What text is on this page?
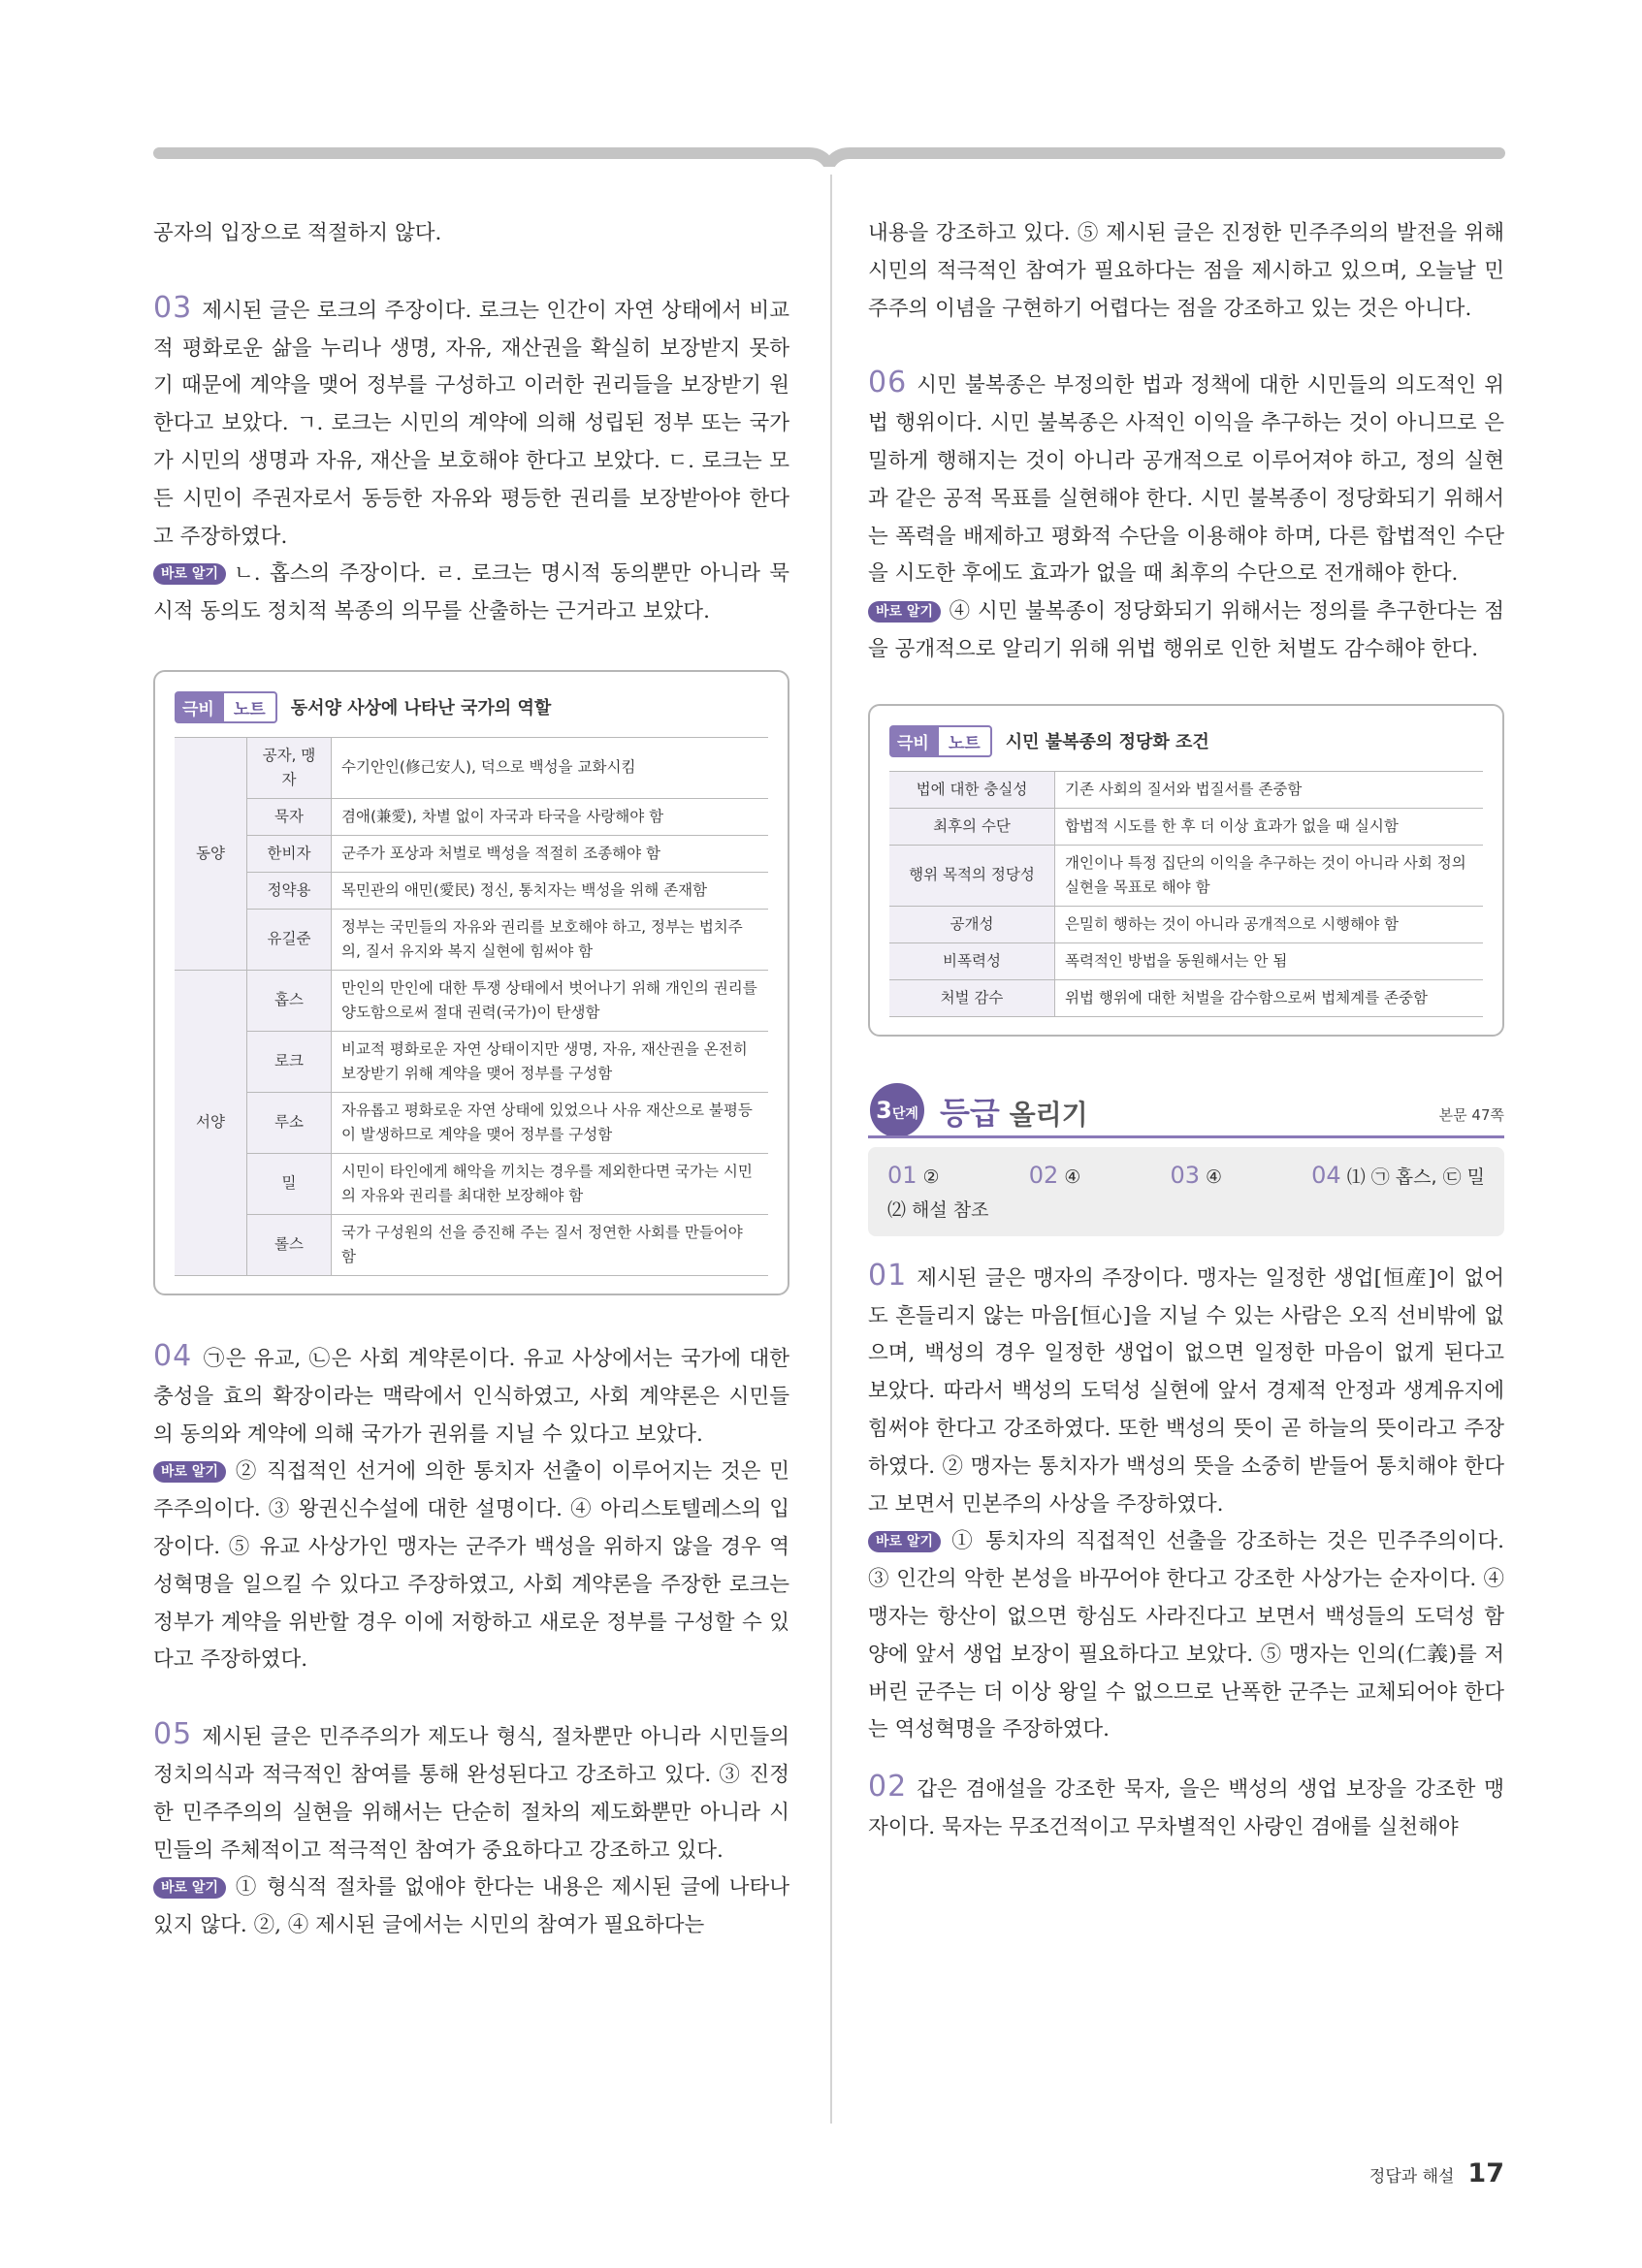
공자의 입장으로 적절하지 않다.

03 제시된 글은 로크의 주장이다. 로크는 인간이 자연 상태에서 비교적 평화로운 삶을 누리나 생명, 자유, 재산권을 확실히 보장받지 못하기 때문에 계약을 맺어 정부를 구성하고 이러한 권리들을 보장받기 원한다고 보았다. ㄱ. 로크는 시민의 계약에 의해 성립된 정부 또는 국가가 시민의 생명과 자유, 재산을 보호해야 한다고 보았다. ㄷ. 로크는 모든 시민이 주권자로서 동등한 자유와 평등한 권리를 보장받아야 한다고 주장하였다.
바로 알기 ㄴ. 홉스의 주장이다. ㄹ. 로크는 명시적 동의뿐만 아니라 묵시적 동의도 정치적 복종의 의무를 산출하는 근거라고 보았다.

극비	노트	동서양 사상에 나타난 국가의 역할
동양	공자, 맹자	수기안인(修己安人), 덕으로 백성을 교화시킴
	묵자	겸애(兼愛), 차별 없이 자국과 타국을 사랑해야 함
	한비자	군주가 포상과 처벌로 백성을 적절히 조종해야 함
	정약용	목민관의 애민(愛民) 정신, 통치자는 백성을 위해 존재함
	유길준	정부는 국민들의 자유와 권리를 보호해야 하고, 정부는 법치주의, 질서 유지와 복지 실현에 힘써야 함
서양	홉스	만인의 만인에 대한 투쟁 상태에서 벗어나기 위해 개인의 권리를 양도함으로써 절대 권력(국가)이 탄생함
	로크	비교적 평화로운 자연 상태이지만 생명, 자유, 재산권을 온전히 보장받기 위해 계약을 맺어 정부를 구성함
	루소	자유롭고 평화로운 자연 상태에 있었으나 사유 재산으로 불평등이 발생하므로 계약을 맺어 정부를 구성함
	밀	시민이 타인에게 해악을 끼치는 경우를 제외한다면 국가는 시민의 자유와 권리를 최대한 보장해야 함
	롤스	국가 구성원의 선을 증진해 주는 질서 정연한 사회를 만들어야 함

04 ㉠은 유교, ㉡은 사회 계약론이다. 유교 사상에서는 국가에 대한 충성을 효의 확장이라는 맥락에서 인식하였고, 사회 계약론은 시민들의 동의와 계약에 의해 국가가 권위를 지닐 수 있다고 보았다.
바로 알기 ② 직접적인 선거에 의한 통치자 선출이 이루어지는 것은 민주주의이다. ③ 왕권신수설에 대한 설명이다. ④ 아리스토텔레스의 입장이다. ⑤ 유교 사상가인 맹자는 군주가 백성을 위하지 않을 경우 역성혁명을 일으킬 수 있다고 주장하였고, 사회 계약론을 주장한 로크는 정부가 계약을 위반할 경우 이에 저항하고 새로운 정부를 구성할 수 있다고 주장하였다.

05 제시된 글은 민주주의가 제도나 형식, 절차뿐만 아니라 시민들의 정치의식과 적극적인 참여를 통해 완성된다고 강조하고 있다. ③ 진정한 민주주의의 실현을 위해서는 단순히 절차의 제도화뿐만 아니라 시민들의 주체적이고 적극적인 참여가 중요하다고 강조하고 있다.
바로 알기 ① 형식적 절차를 없애야 한다는 내용은 제시된 글에 나타나 있지 않다. ②, ④ 제시된 글에서는 시민의 참여가 필요하다는

내용을 강조하고 있다. ⑤ 제시된 글은 진정한 민주주의의 발전을 위해 시민의 적극적인 참여가 필요하다는 점을 제시하고 있으며, 오늘날 민주주의 이념을 구현하기 어렵다는 점을 강조하고 있는 것은 아니다.

06 시민 불복종은 부정의한 법과 정책에 대한 시민들의 의도적인 위법 행위이다. 시민 불복종은 사적인 이익을 추구하는 것이 아니므로 은밀하게 행해지는 것이 아니라 공개적으로 이루어져야 하고, 정의 실현과 같은 공적 목표를 실현해야 한다. 시민 불복종이 정당화되기 위해서는 폭력을 배제하고 평화적 수단을 이용해야 하며, 다른 합법적인 수단을 시도한 후에도 효과가 없을 때 최후의 수단으로 전개해야 한다.
바로 알기 ④ 시민 불복종이 정당화되기 위해서는 정의를 추구한다는 점을 공개적으로 알리기 위해 위법 행위로 인한 처벌도 감수해야 한다.

극비	노트	시민 불복종의 정당화 조건
법에 대한 충실성	기존 사회의 질서와 법질서를 존중함
최후의 수단	합법적 시도를 한 후 더 이상 효과가 없을 때 실시함
행위 목적의 정당성	개인이나 특정 집단의 이익을 추구하는 것이 아니라 사회 정의 실현을 목표로 해야 함
공개성	은밀히 행하는 것이 아니라 공개적으로 시행해야 함
비폭력성	폭력적인 방법을 동원해서는 안 됨
처벌 감수	위법 행위에 대한 처벌을 감수함으로써 법체계를 존중함
3단계 등급 올리기	본문 47쪽
01 ②	02 ④	03 ④	04 ⑴ ㉠ 홉스, ㉢ 밀
⑵ 해설 참조

01 제시된 글은 맹자의 주장이다. 맹자는 일정한 생업[恒産]이 없어도 흔들리지 않는 마음[恒心]을 지닐 수 있는 사람은 오직 선비밖에 없으며, 백성의 경우 일정한 생업이 없으면 일정한 마음이 없게 된다고 보았다. 따라서 백성의 도덕성 실현에 앞서 경제적 안정과 생계유지에 힘써야 한다고 강조하였다. 또한 백성의 뜻이 곧 하늘의 뜻이라고 주장하였다. ② 맹자는 통치자가 백성의 뜻을 소중히 받들어 통치해야 한다고 보면서 민본주의 사상을 주장하였다.
바로 알기 ① 통치자의 직접적인 선출을 강조하는 것은 민주주의이다. ③ 인간의 악한 본성을 바꾸어야 한다고 강조한 사상가는 순자이다. ④ 맹자는 항산이 없으면 항심도 사라진다고 보면서 백성들의 도덕성 함양에 앞서 생업 보장이 필요하다고 보았다. ⑤ 맹자는 인의(仁義)를 저버린 군주는 더 이상 왕일 수 없으므로 난폭한 군주는 교체되어야 한다는 역성혁명을 주장하였다.

02 갑은 겸애설을 강조한 묵자, 을은 백성의 생업 보장을 강조한 맹자이다. 묵자는 무조건적이고 무차별적인 사랑인 겸애를 실천해야

정답과 해설 17
